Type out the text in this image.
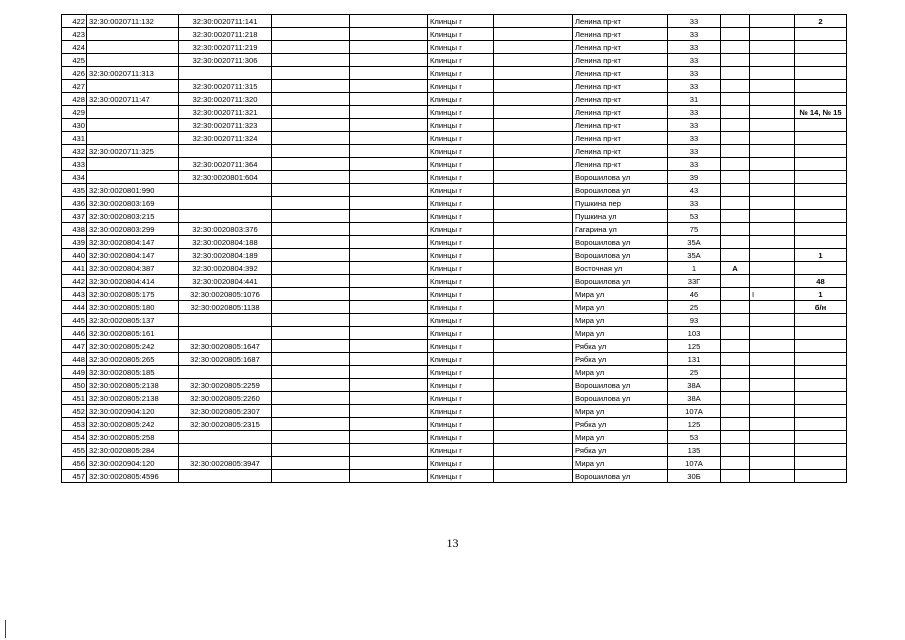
422	32:30:0020711:132	32:30:0020711:141			Клинцы г		Ленина пр-кт	33			2
423		32:30:0020711:218			Клинцы г		Ленина пр-кт	33			
424		32:30:0020711:219			Клинцы г		Ленина пр-кт	33			
425		32:30:0020711:306			Клинцы г		Ленина пр-кт	33			
426	32:30:0020711:313				Клинцы г		Ленина пр-кт	33			
427		32:30:0020711:315			Клинцы г		Ленина пр-кт	33			
428	32:30:0020711:47	32:30:0020711:320			Клинцы г		Ленина пр-кт	31			
429		32:30:0020711:321			Клинцы г		Ленина пр-кт	33			№ 14, № 15
430		32:30:0020711:323			Клинцы г		Ленина пр-кт	33			
431		32:30:0020711:324			Клинцы г		Ленина пр-кт	33			
432	32:30:0020711:325				Клинцы г		Ленина пр-кт	33			
433		32:30:0020711:364			Клинцы г		Ленина пр-кт	33			
434		32:30:0020801:604			Клинцы г		Ворошилова ул	39			
435	32:30:0020801:990				Клинцы г		Ворошилова ул	43			
436	32:30:0020803:169				Клинцы г		Пушкина пер	33			
437	32:30:0020803:215				Клинцы г		Пушкина ул	53			
438	32:30:0020803:299	32:30:0020803:376			Клинцы г		Гагарина ул	75			
439	32:30:0020804:147	32:30:0020804:188			Клинцы г		Ворошилова ул	35А			
440	32:30:0020804:147	32:30:0020804:189			Клинцы г		Ворошилова ул	35А			1
441	32:30:0020804:387	32:30:0020804:392			Клинцы г		Восточная ул	1	А		
442	32:30:0020804:414	32:30:0020804:441			Клинцы г		Ворошилова ул	33Г			48
443	32:30:0020805:175	32:30:0020805:1076			Клинцы г		Мира ул	46		I	1
444	32:30:0020805:180	32:30:0020805:1138			Клинцы г		Мира ул	25			б/н
445	32:30:0020805:137				Клинцы г		Мира ул	93			
446	32:30:0020805:161				Клинцы г		Мира ул	103			
447	32:30:0020805:242	32:30:0020805:1647			Клинцы г		Рябка ул	125			
448	32:30:0020805:265	32:30:0020805:1687			Клинцы г		Рябка ул	131			
449	32:30:0020805:185				Клинцы г		Мира ул	25			
450	32:30:0020805:2138	32:30:0020805:2259			Клинцы г		Ворошилова ул	38А			
451	32:30:0020805:2138	32:30:0020805:2260			Клинцы г		Ворошилова ул	38А			
452	32:30:0020904:120	32:30:0020805:2307			Клинцы г		Мира ул	107А			
453	32:30:0020805:242	32:30:0020805:2315			Клинцы г		Рябка ул	125			
454	32:30:0020805:258				Клинцы г		Мира ул	53			
455	32:30:0020805:284				Клинцы г		Рябка ул	135			
456	32:30:0020904:120	32:30:0020805:3947			Клинцы г		Мира ул	107А			
457	32:30:0020805:4596				Клинцы г		Ворошилова ул	30Б			
13
